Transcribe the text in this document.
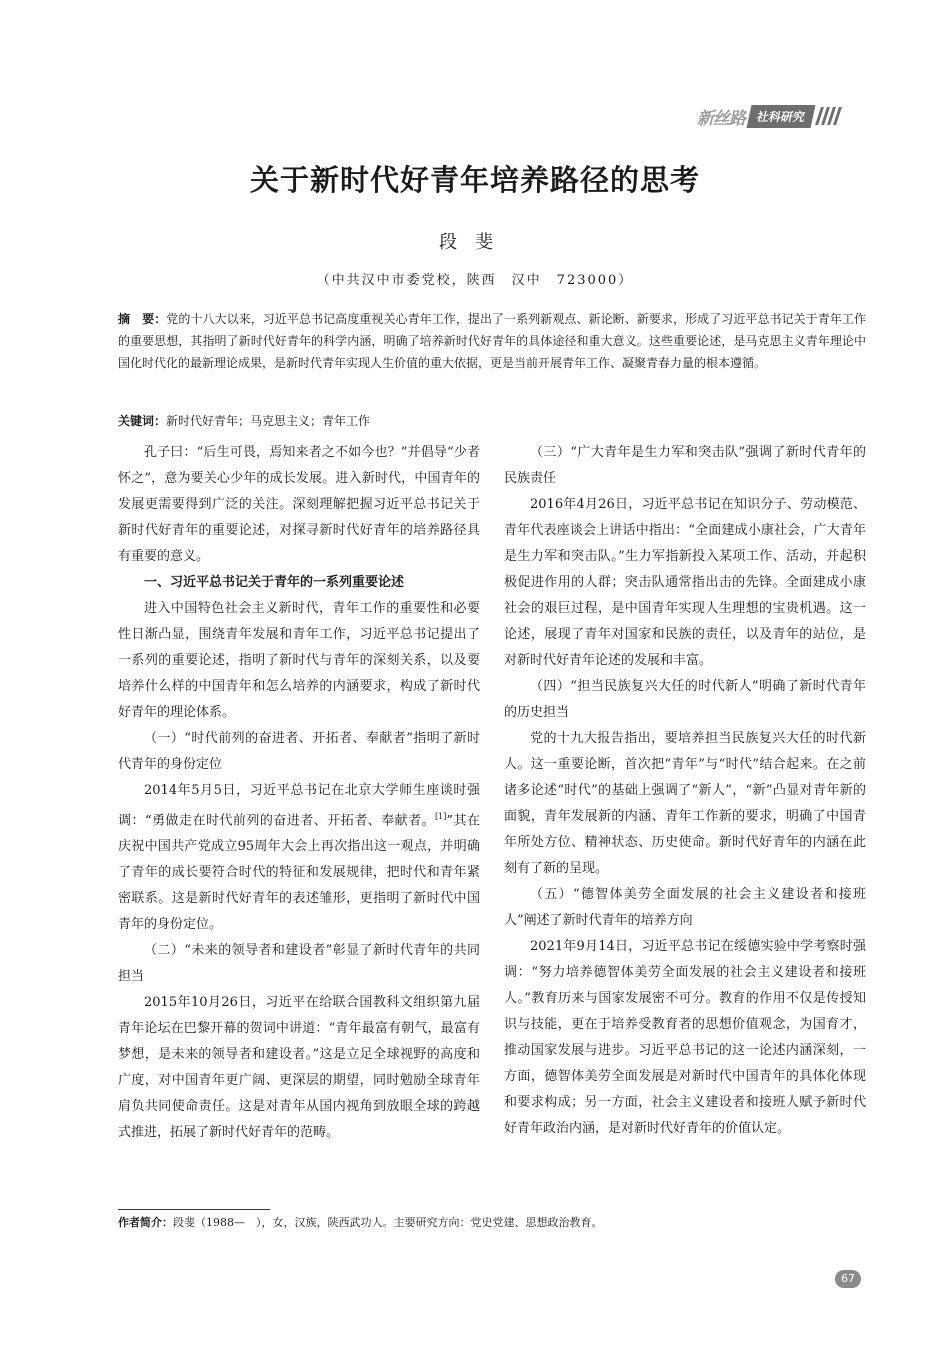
新丝路 社科研究
关于新时代好青年培养路径的思考
段斐
（中共汉中市委党校，陕西　汉中　723000）
摘　要：党的十八大以来，习近平总书记高度重视关心青年工作，提出了一系列新观点、新论断、新要求，形成了习近平总书记关于青年工作的重要思想，其指明了新时代好青年的科学内涵，明确了培养新时代好青年的具体途径和重大意义。这些重要论述，是马克思主义青年理论中国化时代化的最新理论成果，是新时代青年实现人生价值的重大依据，更是当前开展青年工作、凝聚青春力量的根本遵循。
关键词：新时代好青年；马克思主义；青年工作

孔子曰：“后生可畏，焉知来者之不如今也？”并倡导“少者怀之”，意为要关心少年的成长发展。进入新时代，中国青年的发展更需要得到广泛的关注。深刻理解把握习近平总书记关于新时代好青年的重要论述，对探寻新时代好青年的培养路径具有重要的意义。

一、习近平总书记关于青年的一系列重要论述

进入中国特色社会主义新时代，青年工作的重要性和必要性日渐凸显，围绕青年发展和青年工作，习近平总书记提出了一系列的重要论述，指明了新时代与青年的深刻关系，以及要培养什么样的中国青年和怎么培养的内涵要求，构成了新时代好青年的理论体系。

（一）“时代前列的奋进者、开拓者、奉献者”指明了新时代青年的身份定位

2014年5月5日，习近平总书记在北京大学师生座谈时强调：“勇做走在时代前列的奋进者、开拓者、奉献者。[1]”其在庆祝中国共产党成立95周年大会上再次指出这一观点，并明确了青年的成长要符合时代的特征和发展规律，把时代和青年紧密联系。这是新时代好青年的表述雏形，更指明了新时代中国青年的身份定位。

（二）“未来的领导者和建设者”彰显了新时代青年的共同担当

2015年10月26日，习近平在给联合国教科文组织第九届青年论坛在巴黎开幕的贺词中讲道：“青年最富有朝气，最富有梦想，是未来的领导者和建设者。”这是立足全球视野的高度和广度，对中国青年更广阔、更深层的期望，同时勉励全球青年肩负共同使命责任。这是对青年从国内视角到放眼全球的跨越式推进，拓展了新时代好青年的范畴。

（三）“广大青年是生力军和突击队”强调了新时代青年的民族责任

2016年4月26日，习近平总书记在知识分子、劳动模范、青年代表座谈会上讲话中指出：“全面建成小康社会，广大青年是生力军和突击队。”生力军指新投入某项工作、活动，并起积极促进作用的人群；突击队通常指出击的先锋。全面建成小康社会的艰巨过程，是中国青年实现人生理想的宝贵机遇。这一论述，展现了青年对国家和民族的责任，以及青年的站位，是对新时代好青年论述的发展和丰富。

（四）“担当民族复兴大任的时代新人”明确了新时代青年的历史担当

党的十九大报告指出，要培养担当民族复兴大任的时代新人。这一重要论断，首次把“青年”与“时代”结合起来。在之前诸多论述“时代”的基础上强调了“新人”，“新”凸显对青年新的面貌，青年发展新的内涵、青年工作新的要求，明确了中国青年所处方位、精神状态、历史使命。新时代好青年的内涵在此刻有了新的呈现。

（五）“德智体美劳全面发展的社会主义建设者和接班人”阐述了新时代青年的培养方向

2021年9月14日，习近平总书记在绥德实验中学考察时强调：“努力培养德智体美劳全面发展的社会主义建设者和接班人。”教育历来与国家发展密不可分。教育的作用不仅是传授知识与技能，更在于培养受教育者的思想价值观念，为国育才，推动国家发展与进步。习近平总书记的这一论述内涵深刻，一方面，德智体美劳全面发展是对新时代中国青年的具体化体现和要求构成；另一方面，社会主义建设者和接班人赋予新时代好青年政治内涵，是对新时代好青年的价值认定。

作者简介：段斐（1988—　），女，汉族，陕西武功人。主要研究方向：党史党建、思想政治教育。
67
